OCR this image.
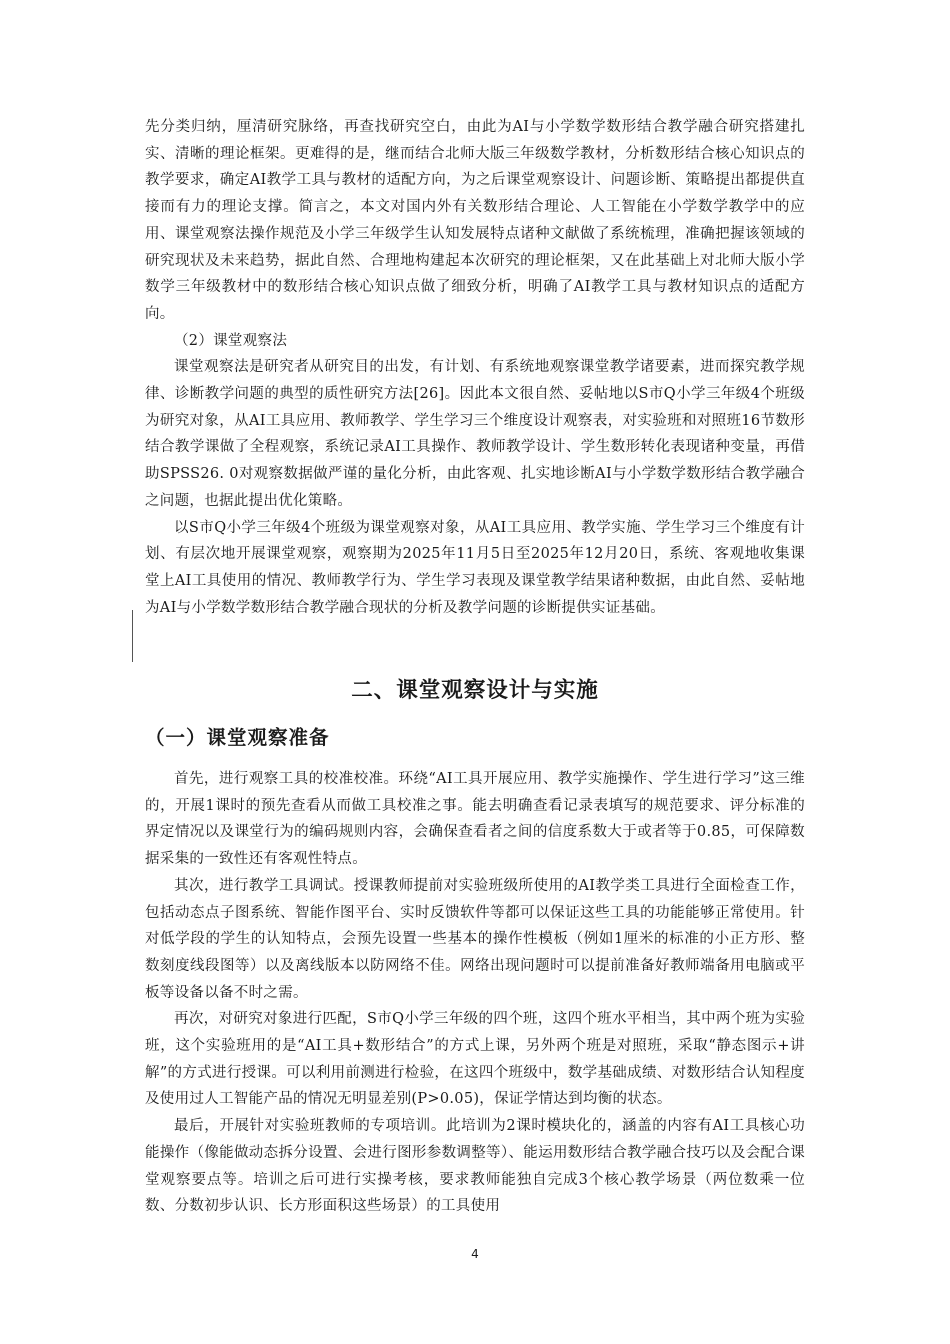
先分类归纳，厘清研究脉络，再查找研究空白，由此为AI与小学数学数形结合教学融合研究搭建扎实、清晰的理论框架。更难得的是，继而结合北师大版三年级数学教材，分析数形结合核心知识点的教学要求，确定AI教学工具与教材的适配方向，为之后课堂观察设计、问题诊断、策略提出都提供直接而有力的理论支撑。简言之，本文对国内外有关数形结合理论、人工智能在小学数学教学中的应用、课堂观察法操作规范及小学三年级学生认知发展特点诸种文献做了系统梳理，准确把握该领域的研究现状及未来趋势，据此自然、合理地构建起本次研究的理论框架，又在此基础上对北师大版小学数学三年级教材中的数形结合核心知识点做了细致分析，明确了AI教学工具与教材知识点的适配方向。

（2）课堂观察法

课堂观察法是研究者从研究目的出发，有计划、有系统地观察课堂教学诸要素，进而探究教学规律、诊断教学问题的典型的质性研究方法[26]。因此本文很自然、妥帖地以S市Q小学三年级4个班级为研究对象，从AI工具应用、教师教学、学生学习三个维度设计观察表，对实验班和对照班16节数形结合教学课做了全程观察，系统记录AI工具操作、教师教学设计、学生数形转化表现诸种变量，再借助SPSS26. 0对观察数据做严谨的量化分析，由此客观、扎实地诊断AI与小学数学数形结合教学融合之问题，也据此提出优化策略。

以S市Q小学三年级4个班级为课堂观察对象，从AI工具应用、教学实施、学生学习三个维度有计划、有层次地开展课堂观察，观察期为2025年11月5日至2025年12月20日，系统、客观地收集课堂上AI工具使用的情况、教师教学行为、学生学习表现及课堂教学结果诸种数据，由此自然、妥帖地为AI与小学数学数形结合教学融合现状的分析及教学问题的诊断提供实证基础。

二、课堂观察设计与实施
（一）课堂观察准备

首先，进行观察工具的校准校准。环绕“AI工具开展应用、教学实施操作、学生进行学习”这三维的，开展1课时的预先查看从而做工具校准之事。能去明确查看记录表填写的规范要求、评分标准的界定情况以及课堂行为的编码规则内容，会确保查看者之间的信度系数大于或者等于0.85，可保障数据采集的一致性还有客观性特点。

其次，进行教学工具调试。授课教师提前对实验班级所使用的AI教学类工具进行全面检查工作，包括动态点子图系统、智能作图平台、实时反馈软件等都可以保证这些工具的功能能够正常使用。针对低学段的学生的认知特点，会预先设置一些基本的操作性模板（例如1厘米的标准的小正方形、整数刻度线段图等）以及离线版本以防网络不佳。网络出现问题时可以提前准备好教师端备用电脑或平板等设备以备不时之需。

再次，对研究对象进行匹配，S市Q小学三年级的四个班，这四个班水平相当，其中两个班为实验班，这个实验班用的是“AI工具+数形结合”的方式上课，另外两个班是对照班，采取“静态图示+讲解”的方式进行授课。可以利用前测进行检验，在这四个班级中，数学基础成绩、对数形结合认知程度及使用过人工智能产品的情况无明显差别(P>0.05)，保证学情达到均衡的状态。

最后，开展针对实验班教师的专项培训。此培训为2课时模块化的，涵盖的内容有AI工具核心功能操作（像能做动态拆分设置、会进行图形参数调整等）、能运用数形结合教学融合技巧以及会配合课堂观察要点等。培训之后可进行实操考核，要求教师能独自完成3个核心教学场景（两位数乘一位数、分数初步认识、长方形面积这些场景）的工具使用

4
